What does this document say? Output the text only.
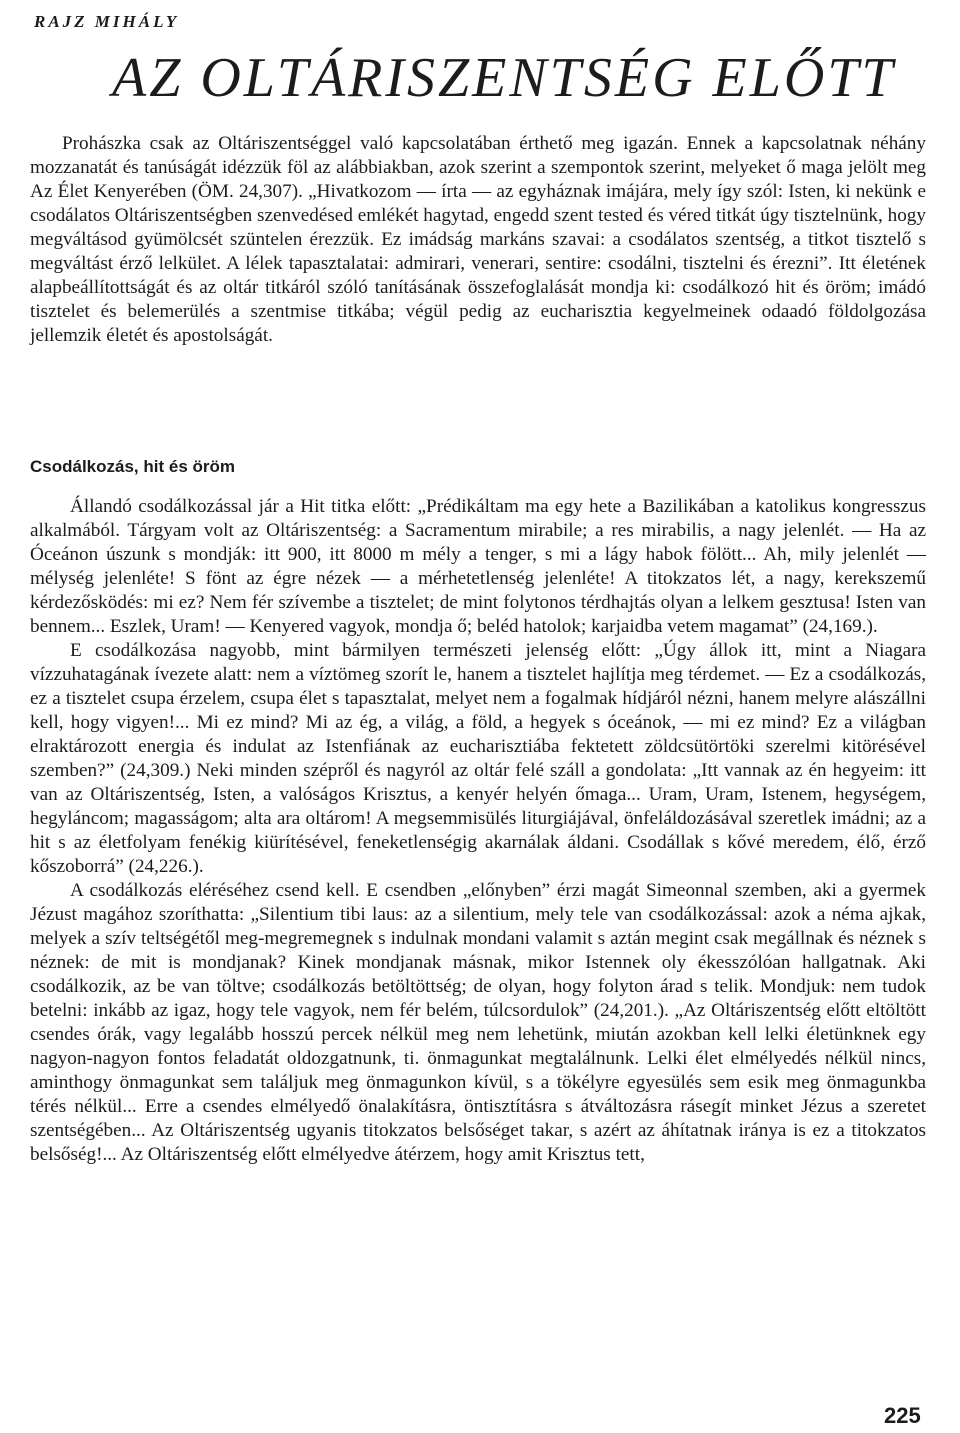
RAJZ MIHÁLY
AZ OLTÁRISZENTSÉG ELŐTT

Prohászka csak az Oltáriszentséggel való kapcsolatában érthető meg igazán. Ennek a kapcsolatnak néhány mozzanatát és tanúságát idézzük föl az alábbiakban, azok szerint a szempontok szerint, melyeket ő maga jelölt meg Az Élet Kenyerében (ÖM. 24,307). „Hivatkozom — írta — az egyháznak imájára, mely így szól: Isten, ki nekünk e csodálatos Oltáriszentségben szenvedésed emlékét hagytad, engedd szent tested és véred titkát úgy tisztelnünk, hogy megváltásod gyümölcsét szüntelen érezzük. Ez imádság markáns szavai: a csodálatos szentség, a titkot tisztelő s megváltást érző lelkület. A lélek tapasztalatai: admirari, venerari, sentire: csodálni, tisztelni és érezni”. Itt életének alapbeállítottságát és az oltár titkáról szóló tanításának összefoglalását mondja ki: csodálkozó hit és öröm; imádó tisztelet és belemerülés a szentmise titkába; végül pedig az eucharisztia kegyelmeinek odaadó földolgozása jellemzik életét és apostolságát.

Csodálkozás, hit és öröm

Állandó csodálkozással jár a Hit titka előtt: „Prédikáltam ma egy hete a Bazilikában a katolikus kongresszus alkalmából. Tárgyam volt az Oltáriszentség: a Sacramentum mirabile; a res mirabilis, a nagy jelenlét. — Ha az Óceánon úszunk s mondják: itt 900, itt 8000 m mély a tenger, s mi a lágy habok fölött... Ah, mily jelenlét — mélység jelenléte! S fönt az égre nézek — a mérhetetlenség jelenléte! A titokzatos lét, a nagy, kerekszemű kérdezősködés: mi ez? Nem fér szívembe a tisztelet; de mint folytonos térdhajtás olyan a lelkem gesztusa! Isten van bennem... Eszlek, Uram! — Kenyered vagyok, mondja ő; beléd hatolok; karjaidba vetem magamat” (24,169.).

E csodálkozása nagyobb, mint bármilyen természeti jelenség előtt: „Úgy állok itt, mint a Niagara vízzuhatagának ívezete alatt: nem a víztömeg szorít le, hanem a tisztelet hajlítja meg térdemet. — Ez a csodálkozás, ez a tisztelet csupa érzelem, csupa élet s tapasztalat, melyet nem a fogalmak hídjáról nézni, hanem melyre alászállni kell, hogy vigyen!... Mi ez mind? Mi az ég, a világ, a föld, a hegyek s óceánok, — mi ez mind? Ez a világban elraktározott energia és indulat az Istenfiának az eucharisztiába fektetett zöldcsütörtöki szerelmi kitörésével szemben?” (24,309.) Neki minden szépről és nagyról az oltár felé száll a gondolata: „Itt vannak az én hegyeim: itt van az Oltáriszentség, Isten, a valóságos Krisztus, a kenyér helyén őmaga... Uram, Uram, Istenem, hegységem, hegyláncom; magasságom; alta ara oltárom! A megsemmisülés liturgiájával, önfeláldozásával szeretlek imádni; az a hit s az életfolyam fenékig kiürítésével, feneketlenségig akarnálak áldani. Csodállak s kővé meredem, élő, érző kőszoborrá” (24,226.).

A csodálkozás eléréséhez csend kell. E csendben „előnyben” érzi magát Simeonnal szemben, aki a gyermek Jézust magához szoríthatta: „Silentium tibi laus: az a silentium, mely tele van csodálkozással: azok a néma ajkak, melyek a szív teltségétől meg-megremegnek s indulnak mondani valamit s aztán megint csak megállnak és néznek s néznek: de mit is mondjanak? Kinek mondjanak másnak, mikor Istennek oly ékesszólóan hallgatnak. Aki csodálkozik, az be van töltve; csodálkozás betöltöttség; de olyan, hogy folyton árad s telik. Mondjuk: nem tudok betelni: inkább az igaz, hogy tele vagyok, nem fér belém, túlcsordulok” (24,201.). „Az Oltáriszentség előtt eltöltött csendes órák, vagy legalább hosszú percek nélkül meg nem lehetünk, miután azokban kell lelki életünknek egy nagyon-nagyon fontos feladatát oldozgatnunk, ti. önmagunkat megtalálnunk. Lelki élet elmélyedés nélkül nincs, aminthogy önmagunkat sem találjuk meg önmagunkon kívül, s a tökélyre egyesülés sem esik meg önmagunkba térés nélkül... Erre a csendes elmélyedő önalakításra, öntisztításra s átváltozásra rásegít minket Jézus a szeretet szentségében... Az Oltáriszentség ugyanis titokzatos belsőséget takar, s azért az áhítatnak iránya is ez a titokzatos belsőség!... Az Oltáriszentség előtt elmélyedve átérzem, hogy amit Krisztus tett,

225
